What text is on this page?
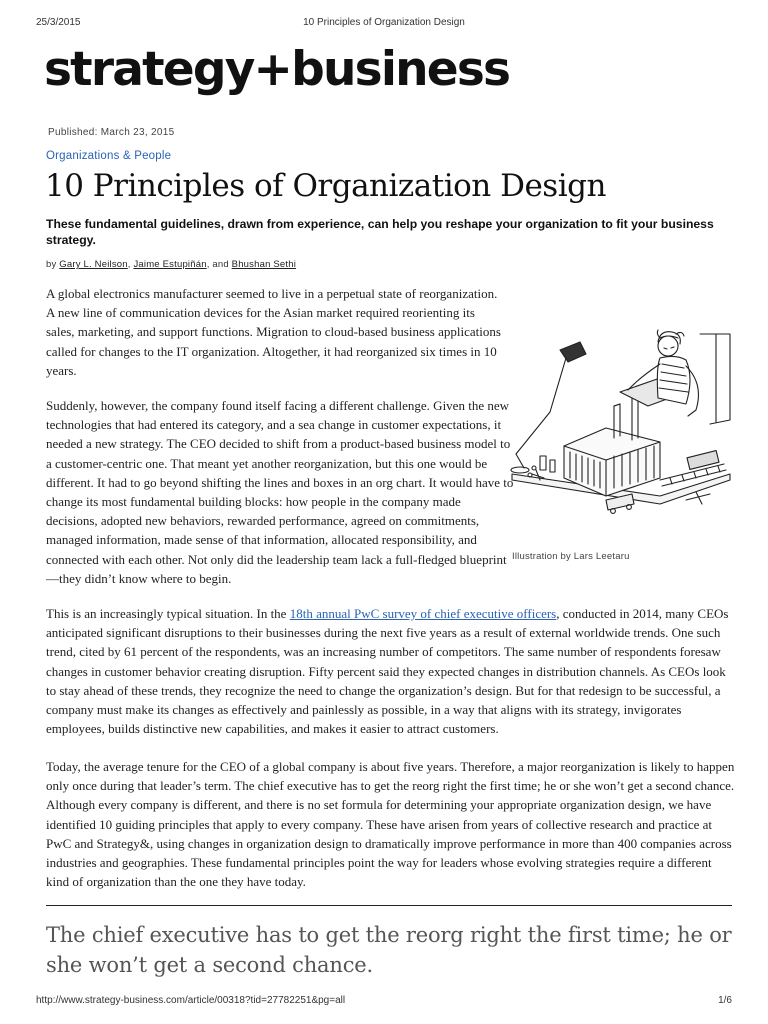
25/3/2015	10 Principles of Organization Design
strategy+business
Published: March 23, 2015
Organizations & People
10 Principles of Organization Design

These fundamental guidelines, drawn from experience, can help you reshape your organization to fit your business strategy.

by Gary L. Neilson, Jaime Estupiñán, and Bhushan Sethi

A global electronics manufacturer seemed to live in a perpetual state of reorganization. A new line of communication devices for the Asian market required reorienting its sales, marketing, and support functions. Migration to cloud-based business applications called for changes to the IT organization. Altogether, it had reorganized six times in 10 years.

Suddenly, however, the company found itself facing a different challenge. Given the new technologies that had entered its category, and a sea change in customer expectations, it needed a new strategy. The CEO decided to shift from a product-based business model to a customer-centric one. That meant yet another reorganization, but this one would be different. It had to go beyond shifting the lines and boxes in an org chart. It would have to change its most fundamental building blocks: how people in the company made decisions, adopted new behaviors, rewarded performance, agreed on commitments, managed information, made sense of that information, allocated responsibility, and connected with each other. Not only did the leadership team lack a full-fledged blueprint—they didn’t know where to begin.

Illustration by Lars Leetaru

This is an increasingly typical situation. In the 18th annual PwC survey of chief executive officers, conducted in 2014, many CEOs anticipated significant disruptions to their businesses during the next five years as a result of external worldwide trends. One such trend, cited by 61 percent of the respondents, was an increasing number of competitors. The same number of respondents foresaw changes in customer behavior creating disruption. Fifty percent said they expected changes in distribution channels. As CEOs look to stay ahead of these trends, they recognize the need to change the organization’s design. But for that redesign to be successful, a company must make its changes as effectively and painlessly as possible, in a way that aligns with its strategy, invigorates employees, builds distinctive new capabilities, and makes it easier to attract customers.

Today, the average tenure for the CEO of a global company is about five years. Therefore, a major reorganization is likely to happen only once during that leader’s term. The chief executive has to get the reorg right the first time; he or she won’t get a second chance. Although every company is different, and there is no set formula for determining your appropriate organization design, we have identified 10 guiding principles that apply to every company. These have arisen from years of collective research and practice at PwC and Strategy&, using changes in organization design to dramatically improve performance in more than 400 companies across industries and geographies. These fundamental principles point the way for leaders whose evolving strategies require a different kind of organization than the one they have today.

The chief executive has to get the reorg right the first time; he or she won’t get a second chance.

http://www.strategy-business.com/article/00318?tid=27782251&pg=all	1/6
